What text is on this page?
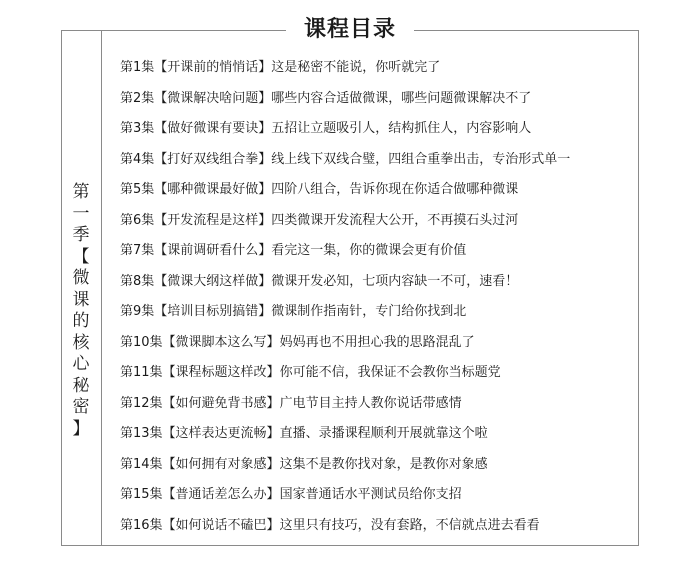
课程目录
第
一
季
【
微
课
的
核
心
秘
密
】
第1集【开课前的悄悄话】这是秘密不能说，你听就完了
第2集【微课解决啥问题】哪些内容合适做微课，哪些问题微课解决不了
第3集【做好微课有要诀】五招让立题吸引人，结构抓住人，内容影响人
第4集【打好双线组合拳】线上线下双线合璧，四组合重拳出击，专治形式单一
第5集【哪种微课最好做】四阶八组合，告诉你现在你适合做哪种微课
第6集【开发流程是这样】四类微课开发流程大公开，不再摸石头过河
第7集【课前调研看什么】看完这一集，你的微课会更有价值
第8集【微课大纲这样做】微课开发必知，七项内容缺一不可，速看！
第9集【培训目标别搞错】微课制作指南针，专门给你找到北
第10集【微课脚本这么写】妈妈再也不用担心我的思路混乱了
第11集【课程标题这样改】你可能不信，我保证不会教你当标题党
第12集【如何避免背书感】广电节目主持人教你说话带感情
第13集【这样表达更流畅】直播、录播课程顺利开展就靠这个啦
第14集【如何拥有对象感】这集不是教你找对象，是教你对象感
第15集【普通话差怎么办】国家普通话水平测试员给你支招
第16集【如何说话不磕巴】这里只有技巧，没有套路，不信就点进去看看
